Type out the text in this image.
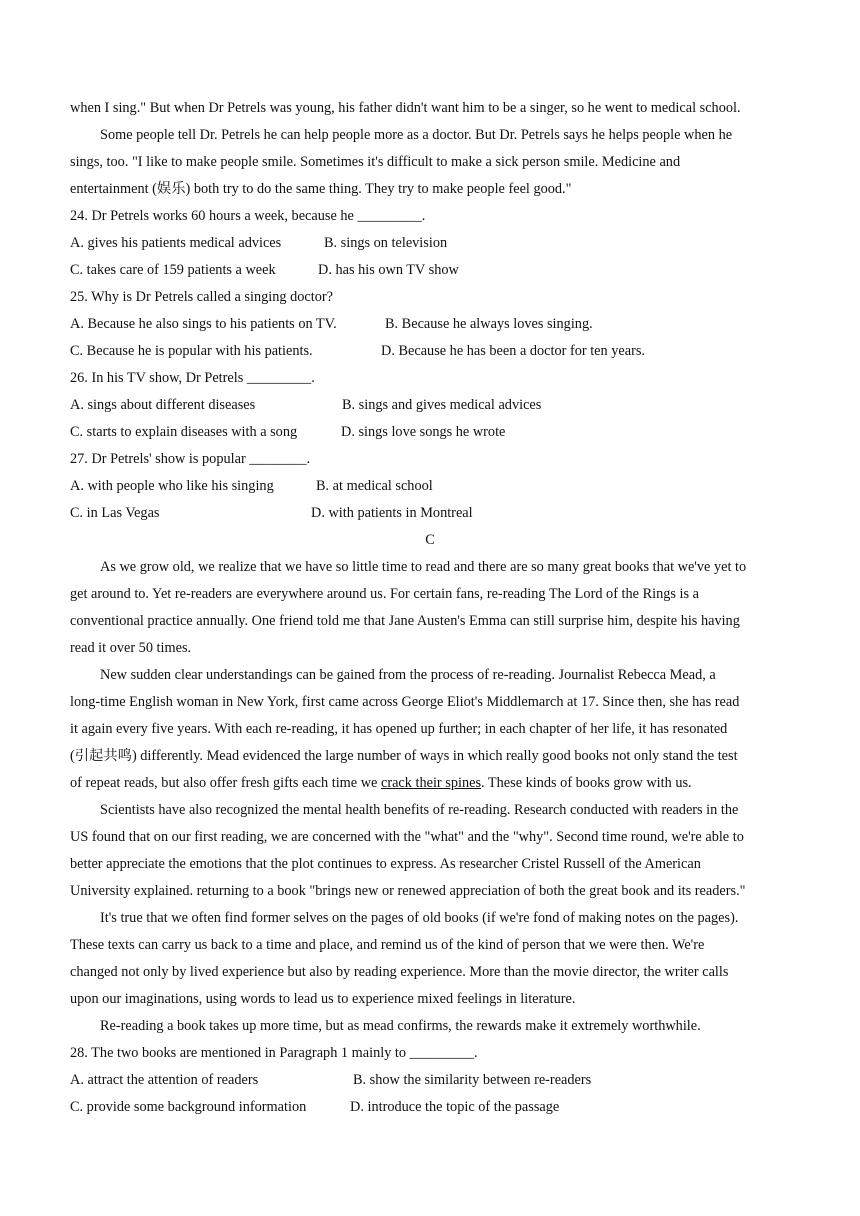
when I sing." But when Dr Petrels was young, his father didn't want him to be a singer, so he went to medical school.
Some people tell Dr. Petrels he can help people more as a doctor. But Dr. Petrels says he helps people when he
sings, too. "I like to make people smile. Sometimes it's difficult to make a sick person smile. Medicine and
entertainment (娱乐) both try to do the same thing. They try to make people feel good."
24. Dr Petrels works 60 hours a week, because he _________.
A. gives his patients medical advices	B. sings on television
C. takes care of 159 patients a week	D. has his own TV show
25. Why is Dr Petrels called a singing doctor?
A. Because he also sings to his patients on TV.	B. Because he always loves singing.
C. Because he is popular with his patients.	D. Because he has been a doctor for ten years.
26. In his TV show, Dr Petrels _________.
A. sings about different diseases	B. sings and gives medical advices
C. starts to explain diseases with a song	D. sings love songs he wrote
27. Dr Petrels' show is popular ________.
A. with people who like his singing	B. at medical school
C. in Las Vegas	D. with patients in Montreal
C
As we grow old, we realize that we have so little time to read and there are so many great books that we've yet to
get around to. Yet re-readers are everywhere around us. For certain fans, re-reading The Lord of the Rings is a
conventional practice annually. One friend told me that Jane Austen's Emma can still surprise him, despite his having
read it over 50 times.
New sudden clear understandings can be gained from the process of re-reading. Journalist Rebecca Mead, a
long-time English woman in New York, first came across George Eliot's Middlemarch at 17. Since then, she has read
it again every five years. With each re-reading, it has opened up further; in each chapter of her life, it has resonated
(引起共鸣) differently. Mead evidenced the large number of ways in which really good books not only stand the test
of repeat reads, but also offer fresh gifts each time we crack their spines. These kinds of books grow with us.
Scientists have also recognized the mental health benefits of re-reading. Research conducted with readers in the
US found that on our first reading, we are concerned with the "what" and the "why". Second time round, we're able to
better appreciate the emotions that the plot continues to express. As researcher Cristel Russell of the American
University explained. returning to a book "brings new or renewed appreciation of both the great book and its readers."
It's true that we often find former selves on the pages of old books (if we're fond of making notes on the pages).
These texts can carry us back to a time and place, and remind us of the kind of person that we were then. We're
changed not only by lived experience but also by reading experience. More than the movie director, the writer calls
upon our imaginations, using words to lead us to experience mixed feelings in literature.
Re-reading a book takes up more time, but as mead confirms, the rewards make it extremely worthwhile.
28. The two books are mentioned in Paragraph 1 mainly to _________.
A. attract the attention of readers	B. show the similarity between re-readers
C. provide some background information	D. introduce the topic of the passage
